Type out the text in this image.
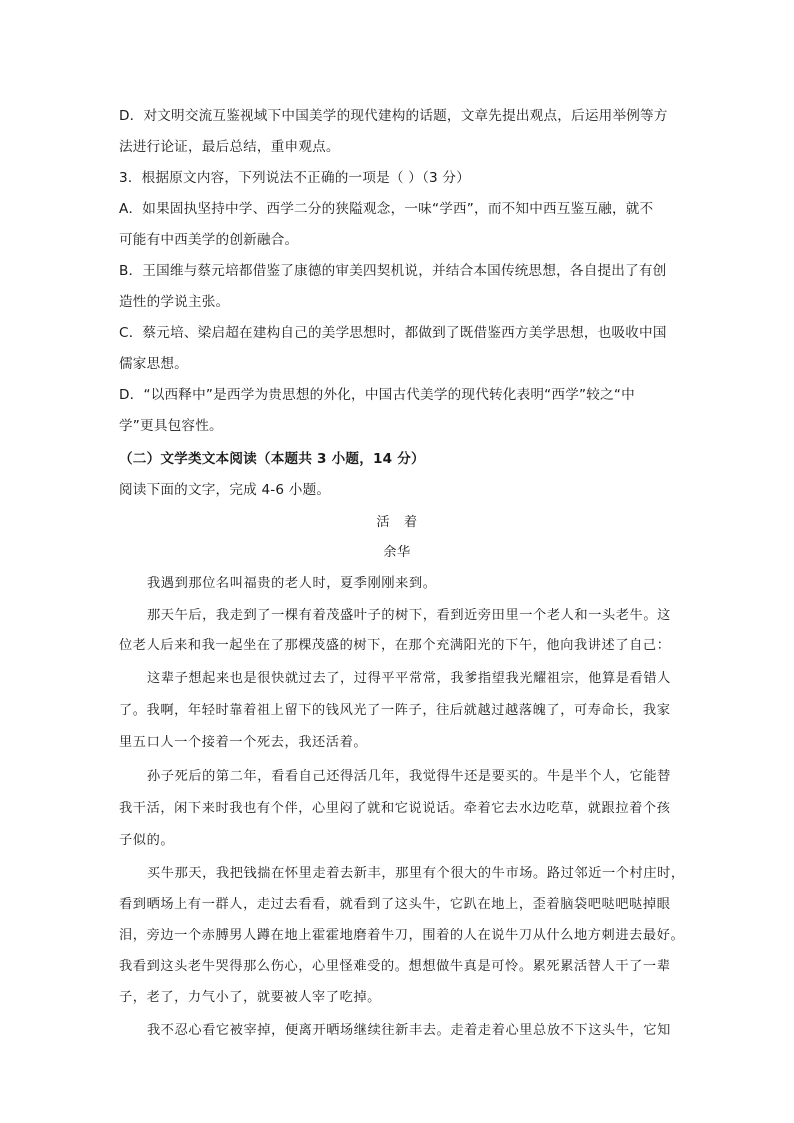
D．对文明交流互鉴视域下中国美学的现代建构的话题，文章先提出观点，后运用举例等方
法进行论证，最后总结，重申观点。
3．根据原文内容，下列说法不正确的一项是（ ）（3 分）
A．如果固执坚持中学、西学二分的狭隘观念，一味“学西”，而不知中西互鉴互融，就不
可能有中西美学的创新融合。
B．王国维与蔡元培都借鉴了康德的审美四契机说，并结合本国传统思想，各自提出了有创
造性的学说主张。
C．蔡元培、梁启超在建构自己的美学思想时，都做到了既借鉴西方美学思想，也吸收中国
儒家思想。
D．“以西释中”是西学为贵思想的外化，中国古代美学的现代转化表明“西学”较之“中
学”更具包容性。
（二）文学类文本阅读（本题共 3 小题，14 分）
阅读下面的文字，完成 4-6 小题。
活　着
余华
我遇到那位名叫福贵的老人时，夏季刚刚来到。
那天午后，我走到了一棵有着茂盛叶子的树下，看到近旁田里一个老人和一头老牛。这
位老人后来和我一起坐在了那棵茂盛的树下，在那个充满阳光的下午，他向我讲述了自己：
这辈子想起来也是很快就过去了，过得平平常常，我爹指望我光耀祖宗，他算是看错人
了。我啊，年轻时靠着祖上留下的钱风光了一阵子，往后就越过越落魄了，可寿命长，我家
里五口人一个接着一个死去，我还活着。
孙子死后的第二年，看看自己还得活几年，我觉得牛还是要买的。牛是半个人，它能替
我干活，闲下来时我也有个伴，心里闷了就和它说说话。牵着它去水边吃草，就跟拉着个孩
子似的。
买牛那天，我把钱揣在怀里走着去新丰，那里有个很大的牛市场。路过邻近一个村庄时，
看到晒场上有一群人，走过去看看，就看到了这头牛，它趴在地上，歪着脑袋吧哒吧哒掉眼
泪，旁边一个赤膊男人蹲在地上霍霍地磨着牛刀，围着的人在说牛刀从什么地方刺进去最好。
我看到这头老牛哭得那么伤心，心里怪难受的。想想做牛真是可怜。累死累活替人干了一辈
子，老了，力气小了，就要被人宰了吃掉。
我不忍心看它被宰掉，便离开晒场继续往新丰去。走着走着心里总放不下这头牛，它知
